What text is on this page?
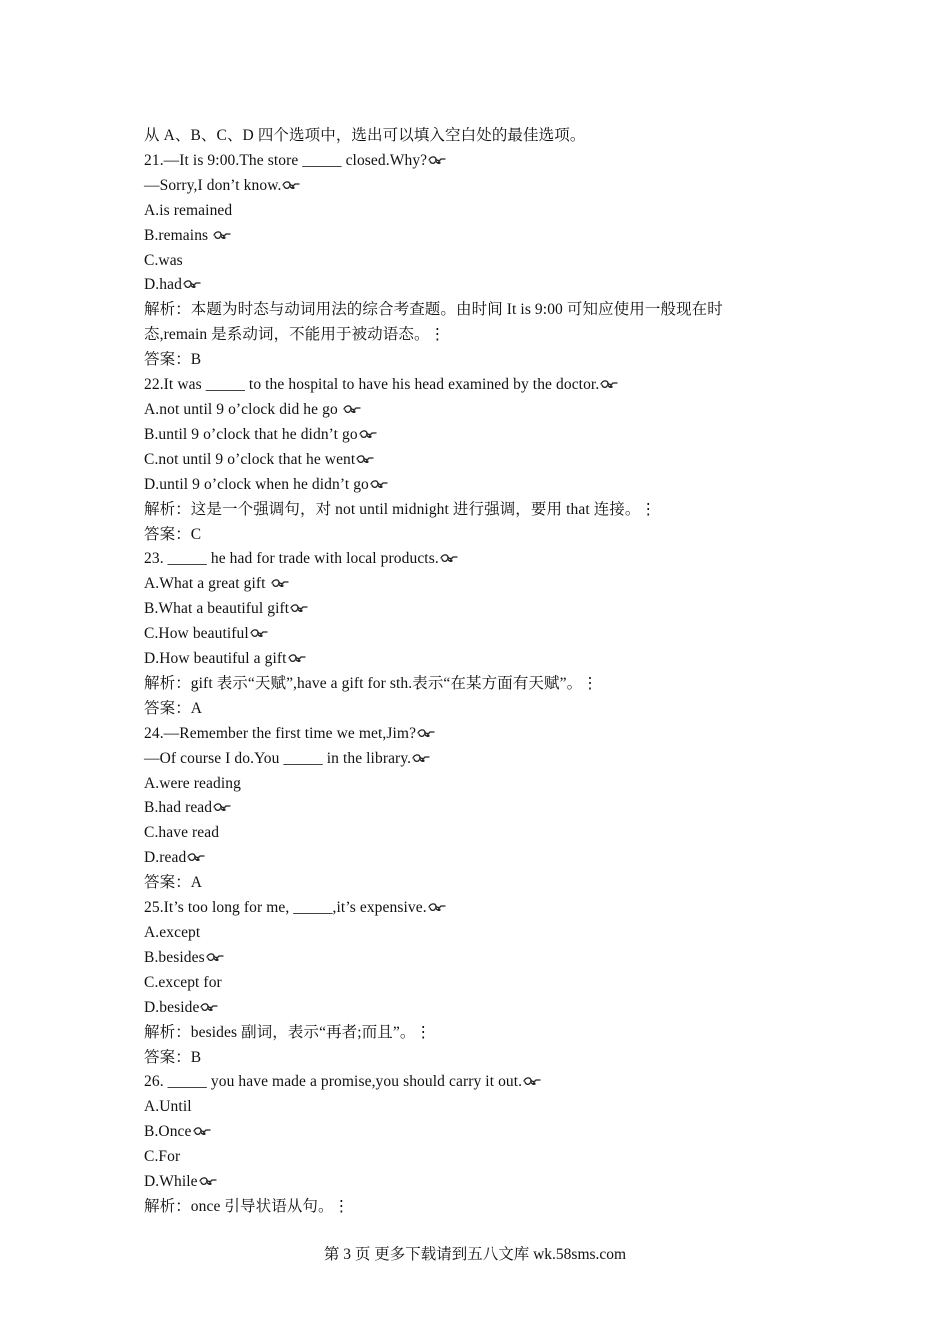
从 A、B、C、D 四个选项中，选出可以填入空白处的最佳选项。
21.—It is 9:00.The store _____ closed.Why?
—Sorry,I don’t know.
A.is remained
B.remains
C.was
D.had
解析：本题为时态与动词用法的综合考查题。由时间 It is 9:00 可知应使用一般现在时
态,remain 是系动词，不能用于被动语态。⋮
答案：B
22.It was _____ to the hospital to have his head examined by the doctor.
A.not until 9 o’clock did he go
B.until 9 o’clock that he didn’t go
C.not until 9 o’clock that he went
D.until 9 o’clock when he didn’t go
解析：这是一个强调句，对 not until midnight 进行强调，要用 that 连接。⋮
答案：C
23. _____ he had for trade with local products.
A.What a great gift
B.What a beautiful gift
C.How beautiful
D.How beautiful a gift
解析：gift 表示“天赋”,have a gift for sth.表示“在某方面有天赋”。⋮
答案：A
24.—Remember the first time we met,Jim?
—Of course I do.You _____ in the library.
A.were reading
B.had read
C.have read
D.read
答案：A
25.It’s too long for me, _____,it’s expensive.
A.except
B.besides
C.except for
D.beside
解析：besides 副词，表示“再者;而且”。⋮
答案：B
26. _____ you have made a promise,you should carry it out.
A.Until
B.Once
C.For
D.While
解析：once 引导状语从句。⋮
第 3 页 更多下载请到五八文库 wk.58sms.com
